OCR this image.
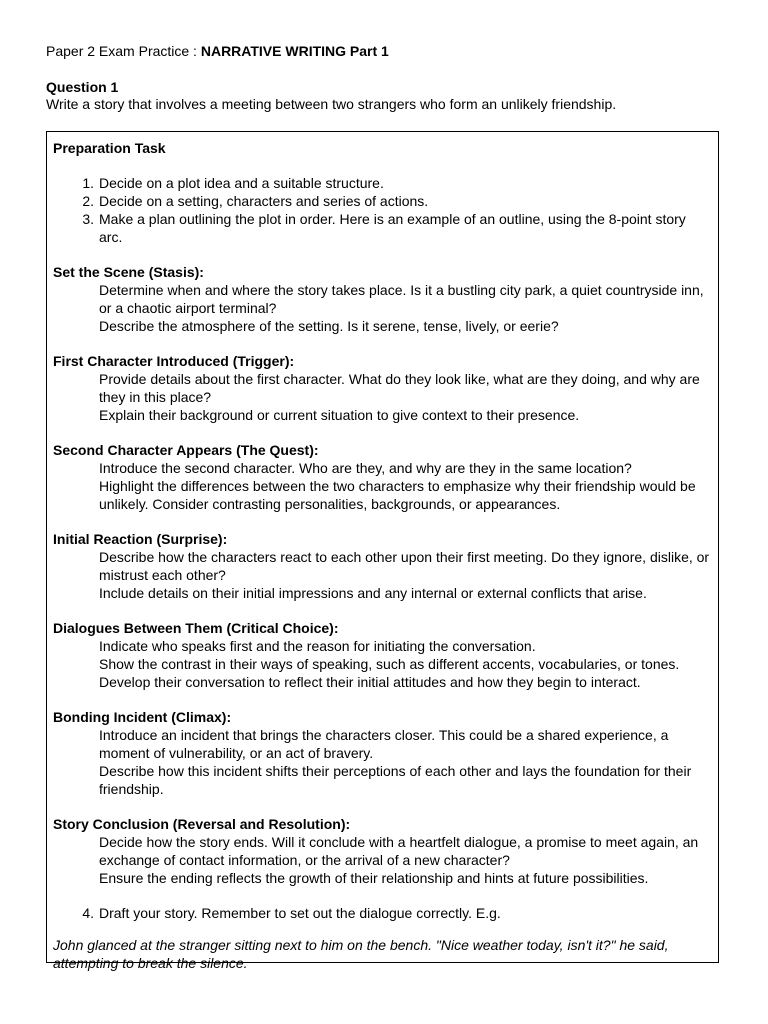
Paper 2 Exam Practice : NARRATIVE WRITING Part 1
Question 1

Write a story that involves a meeting between two strangers who form an unlikely friendship.

Preparation Task
1. Decide on a plot idea and a suitable structure.
2. Decide on a setting, characters and series of actions.
3. Make a plan outlining the plot in order. Here is an example of an outline, using the 8-point story arc.

Set the Scene (Stasis):

Determine when and where the story takes place. Is it a bustling city park, a quiet countryside inn, or a chaotic airport terminal?

Describe the atmosphere of the setting. Is it serene, tense, lively, or eerie?

First Character Introduced (Trigger):

Provide details about the first character. What do they look like, what are they doing, and why are they in this place?

Explain their background or current situation to give context to their presence.

Second Character Appears (The Quest):

Introduce the second character. Who are they, and why are they in the same location?

Highlight the differences between the two characters to emphasize why their friendship would be unlikely. Consider contrasting personalities, backgrounds, or appearances.

Initial Reaction (Surprise):

Describe how the characters react to each other upon their first meeting. Do they ignore, dislike, or mistrust each other?

Include details on their initial impressions and any internal or external conflicts that arise.

Dialogues Between Them (Critical Choice):

Indicate who speaks first and the reason for initiating the conversation.

Show the contrast in their ways of speaking, such as different accents, vocabularies, or tones.

Develop their conversation to reflect their initial attitudes and how they begin to interact.

Bonding Incident (Climax):

Introduce an incident that brings the characters closer. This could be a shared experience, a moment of vulnerability, or an act of bravery.

Describe how this incident shifts their perceptions of each other and lays the foundation for their friendship.

Story Conclusion (Reversal and Resolution):

Decide how the story ends. Will it conclude with a heartfelt dialogue, a promise to meet again, an exchange of contact information, or the arrival of a new character?

Ensure the ending reflects the growth of their relationship and hints at future possibilities.

4. Draft your story. Remember to set out the dialogue correctly. E.g.

John glanced at the stranger sitting next to him on the bench. "Nice weather today, isn't it?" he said, attempting to break the silence.
